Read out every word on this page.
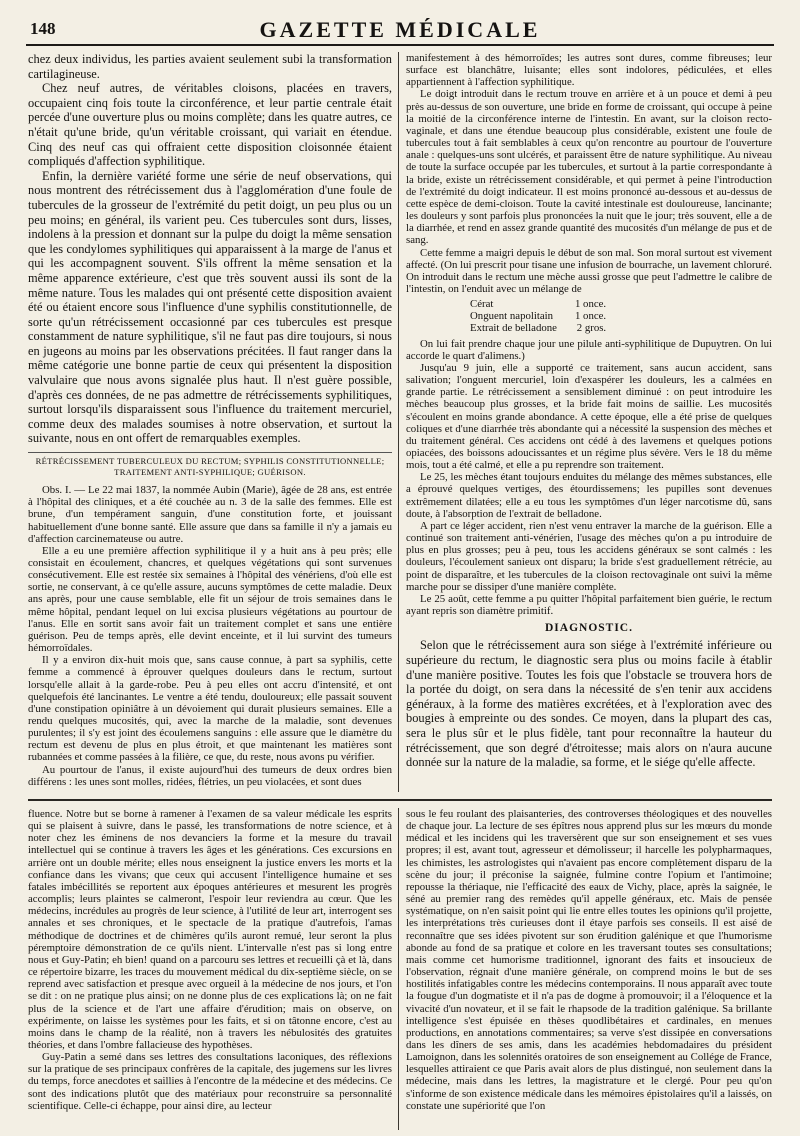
148	GAZETTE MÉDICALE

chez deux individus, les parties avaient seulement subi la transformation cartilagineuse.

Chez neuf autres, de véritables cloisons, placées en travers, occupaient cinq fois toute la circonférence, et leur partie centrale était percée d'une ouverture plus ou moins complète; dans les quatre autres, ce n'était qu'une bride, qu'un véritable croissant, qui variait en étendue. Cinq des neuf cas qui offraient cette disposition cloisonnée étaient compliqués d'affection syphilitique.

Enfin, la dernière variété forme une série de neuf observations, qui nous montrent des rétrécissement dus à l'agglomération d'une foule de tubercules de la grosseur de l'extrémité du petit doigt, un peu plus ou un peu moins; en général, ils varient peu. Ces tubercules sont durs, lisses, indolens à la pression et donnant sur la pulpe du doigt la même sensation que les condylomes syphilitiques qui apparaissent à la marge de l'anus et qui les accompagnent souvent. S'ils offrent la même sensation et la même apparence extérieure, c'est que très souvent aussi ils sont de la même nature. Tous les malades qui ont présenté cette disposition avaient été ou étaient encore sous l'influence d'une syphilis constitutionnelle, de sorte qu'un rétrécissement occasionné par ces tubercules est presque constamment de nature syphilitique, s'il ne faut pas dire toujours, si nous en jugeons au moins par les observations précitées. Il faut ranger dans la même catégorie une bonne partie de ceux qui présentent la disposition valvulaire que nous avons signalée plus haut. Il n'est guère possible, d'après ces données, de ne pas admettre de rétrécissements syphilitiques, surtout lorsqu'ils disparaissent sous l'influence du traitement mercuriel, comme deux des malades soumises à notre observation, et surtout la suivante, nous en ont offert de remarquables exemples.

RÉTRÉCISSEMENT TUBERCULEUX DU RECTUM; SYPHILIS CONSTITUTIONNELLE; TRAITEMENT ANTI-SYPHILIQUE; GUÉRISON.

Obs. I. — Le 22 mai 1837, la nommée Aubin (Marie), âgée de 28 ans, est entrée à l'hôpital des cliniques, et a été couchée au n. 3 de la salle des femmes. Elle est brune, d'un tempérament sanguin, d'une constitution forte, et jouissant habituellement d'une bonne santé. Elle assure que dans sa famille il n'y a jamais eu d'affection carcinemateuse ou autre.

Elle a eu une première affection syphilitique il y a huit ans à peu près; elle consistait en écoulement, chancres, et quelques végétations qui sont survenues consécutivement. Elle est restée six semaines à l'hôpital des vénériens, d'où elle est sortie, ne conservant, à ce qu'elle assure, aucuns symptômes de cette maladie. Deux ans après, pour une cause semblable, elle fit un séjour de trois semaines dans le même hôpital, pendant lequel on lui excisa plusieurs végétations au pourtour de l'anus. Elle en sortit sans avoir fait un traitement complet et sans une entière guérison. Peu de temps après, elle devint enceinte, et il lui survint des tumeurs hémorroïdales.

Il y a environ dix-huit mois que, sans cause connue, à part sa syphilis, cette femme a commencé à éprouver quelques douleurs dans le rectum, surtout lorsqu'elle allait à la garde-robe. Peu à peu elles ont accru d'intensité, et ont quelquefois été lancinantes. Le ventre a été tendu, douloureux; elle passait souvent d'une constipation opiniâtre à un dévoiement qui durait plusieurs semaines. Elle a rendu quelques mucosités, qui, avec la marche de la maladie, sont devenues purulentes; il s'y est joint des écoulemens sanguins : elle assure que le diamètre du rectum est devenu de plus en plus étroit, et que maintenant les matières sont rubannées et comme passées à la filière, ce que, du reste, nous avons pu vérifier.

Au pourtour de l'anus, il existe aujourd'hui des tumeurs de deux ordres bien différens : les unes sont molles, ridées, flétries, un peu violacées, et sont dues

manifestement à des hémorroïdes; les autres sont dures, comme fibreuses; leur surface est blanchâtre, luisante; elles sont indolores, pédiculées, et elles appartiennent à l'affection syphilitique.

Le doigt introduit dans le rectum trouve en arrière et à un pouce et demi à peu près au-dessus de son ouverture, une bride en forme de croissant, qui occupe à peine la moitié de la circonférence interne de l'intestin. En avant, sur la cloison recto-vaginale, et dans une étendue beaucoup plus considérable, existent une foule de tubercules tout à fait semblables à ceux qu'on rencontre au pourtour de l'ouverture anale : quelques-uns sont ulcérés, et paraissent être de nature syphilitique. Au niveau de toute la surface occupée par les tubercules, et surtout à la partie correspondante à la bride, existe un rétrécissement considérable, et qui permet à peine l'introduction de l'extrémité du doigt indicateur. Il est moins prononcé au-dessous et au-dessus de cette espèce de demi-cloison. Toute la cavité intestinale est douloureuse, lancinante; les douleurs y sont parfois plus prononcées la nuit que le jour; très souvent, elle a de la diarrhée, et rend en assez grande quantité des mucosités d'un mélange de pus et de sang.

Cette femme a maigri depuis le début de son mal. Son moral surtout est vivement affecté. (On lui prescrit pour tisane une infusion de bourrache, un lavement chloruré. On introduit dans le rectum une mèche aussi grosse que peut l'admettre le calibre de l'intestin, on l'enduit avec un mélange de

Cérat	1 once.
Onguent napolitain	1 once.
Extrait de belladone	2 gros.

On lui fait prendre chaque jour une pilule anti-syphilitique de Dupuytren. On lui accorde le quart d'alimens.)

Jusqu'au 9 juin, elle a supporté ce traitement, sans aucun accident, sans salivation; l'onguent mercuriel, loin d'exaspérer les douleurs, les a calmées en grande partie. Le rétrécissement a sensiblement diminué : on peut introduire les mèches beaucoup plus grosses, et la bride fait moins de saillie. Les mucosités s'écoulent en moins grande abondance. A cette époque, elle a été prise de quelques coliques et d'une diarrhée très abondante qui a nécessité la suspension des mèches et du traitement général. Ces accidens ont cédé à des lavemens et quelques potions opiacées, des boissons adoucissantes et un régime plus sévère. Vers le 18 du même mois, tout a été calmé, et elle a pu reprendre son traitement.

Le 25, les mèches étant toujours enduites du mélange des mêmes substances, elle a éprouvé quelques vertiges, des étourdissemens; les pupilles sont devenues extrêmement dilatées; elle a eu tous les symptômes d'un léger narcotisme dû, sans doute, à l'absorption de l'extrait de belladone.

A part ce léger accident, rien n'est venu entraver la marche de la guérison. Elle a continué son traitement anti-vénérien, l'usage des mèches qu'on a pu introduire de plus en plus grosses; peu à peu, tous les accidens généraux se sont calmés : les douleurs, l'écoulement sanieux ont disparu; la bride s'est graduellement rétrécie, au point de disparaître, et les tubercules de la cloison rectovaginale ont suivi la même marche pour se dissiper d'une manière complète.

Le 25 août, cette femme a pu quitter l'hôpital parfaitement bien guérie, le rectum ayant repris son diamètre primitif.

DIAGNOSTIC.

Selon que le rétrécissement aura son siége à l'extrémité inférieure ou supérieure du rectum, le diagnostic sera plus ou moins facile à établir d'une manière positive. Toutes les fois que l'obstacle se trouvera hors de la portée du doigt, on sera dans la nécessité de s'en tenir aux accidens généraux, à la forme des matières excrétées, et à l'exploration avec des bougies à empreinte ou des sondes. Ce moyen, dans la plupart des cas, sera le plus sûr et le plus fidèle, tant pour reconnaître la hauteur du rétrécissement, que son degré d'étroitesse; mais alors on n'aura aucune donnée sur la nature de la maladie, sa forme, et le siége qu'elle affecte.

fluence. Notre but se borne à ramener à l'examen de sa valeur médicale les esprits qui se plaisent à suivre, dans le passé, les transformations de notre science, et à noter chez les éminens de nos devanciers la forme et la mesure du travail intellectuel qui se continue à travers les âges et les générations. Ces excursions en arrière ont un double mérite; elles nous enseignent la justice envers les morts et la confiance dans les vivans; que ceux qui accusent l'intelligence humaine et ses fatales imbécillités se reportent aux époques antérieures et mesurent les progrès accomplis; leurs plaintes se calmeront, l'espoir leur reviendra au cœur. Que les médecins, incrédules au progrès de leur science, à l'utilité de leur art, interrogent ses annales et ses chroniques, et le spectacle de la pratique d'autrefois, l'amas méthodique de doctrines et de chimères qu'ils auront remué, leur seront la plus péremptoire démonstration de ce qu'ils nient. L'intervalle n'est pas si long entre nous et Guy-Patin; eh bien! quand on a parcouru ses lettres et recueilli çà et là, dans ce répertoire bizarre, les traces du mouvement médical du dix-septième siècle, on se reprend avec satisfaction et presque avec orgueil à la médecine de nos jours, et l'on se dit : on ne pratique plus ainsi; on ne donne plus de ces explications là; on ne fait plus de la science et de l'art une affaire d'érudition; mais on observe, on expérimente, on laisse les systèmes pour les faits, et si on tâtonne encore, c'est au moins dans le champ de la réalité, non à travers les nébulosités des gratuites théories, et dans l'ombre fallacieuse des hypothèses.

Guy-Patin a semé dans ses lettres des consultations laconiques, des réflexions sur la pratique de ses principaux confrères de la capitale, des jugemens sur les livres du temps, force anecdotes et saillies à l'encontre de la médecine et des médecins. Ce sont des indications plutôt que des matériaux pour reconstruire sa personnalité scientifique. Celle-ci échappe, pour ainsi dire, au lecteur

sous le feu roulant des plaisanteries, des controverses théologiques et des nouvelles de chaque jour. La lecture de ses épîtres nous apprend plus sur les mœurs du monde médical et les incidens qui les traversèrent que sur son enseignement et ses vues propres; il est, avant tout, agresseur et démolisseur; il harcelle les polypharmaques, les chimistes, les astrologistes qui n'avaient pas encore complètement disparu de la scène du jour; il préconise la saignée, fulmine contre l'opium et l'antimoine; repousse la thériaque, nie l'efficacité des eaux de Vichy, place, après la saignée, le séné au premier rang des remèdes qu'il appelle généraux, etc. Mais de pensée systématique, on n'en saisit point qui lie entre elles toutes les opinions qu'il projette, les interprétations très curieuses dont il étaye parfois ses conseils. Il est aisé de reconnaître que ses idées pivotent sur son érudition galénique et que l'humorisme abonde au fond de sa pratique et colore en les traversant toutes ses consultations; mais comme cet humorisme traditionnel, ignorant des faits et insoucieux de l'observation, régnait d'une manière générale, on comprend moins le but de ses hostilités infatigables contre les médecins contemporains. Il nous apparaît avec toute la fougue d'un dogmatiste et il n'a pas de dogme à promouvoir; il a l'éloquence et la vivacité d'un novateur, et il se fait le rhapsode de la tradition galénique. Sa brillante intelligence s'est épuisée en thèses quodlibétaires et cardinales, en menues productions, en annotations commentaires; sa verve s'est dissipée en conversations dans les dîners de ses amis, dans les académies hebdomadaires du président Lamoignon, dans les solennités oratoires de son enseignement au Collége de France, lesquelles attiraient ce que Paris avait alors de plus distingué, non seulement dans la médecine, mais dans les lettres, la magistrature et le clergé. Pour peu qu'on s'informe de son existence médicale dans les mémoires épistolaires qu'il a laissés, on constate une supériorité que l'on
